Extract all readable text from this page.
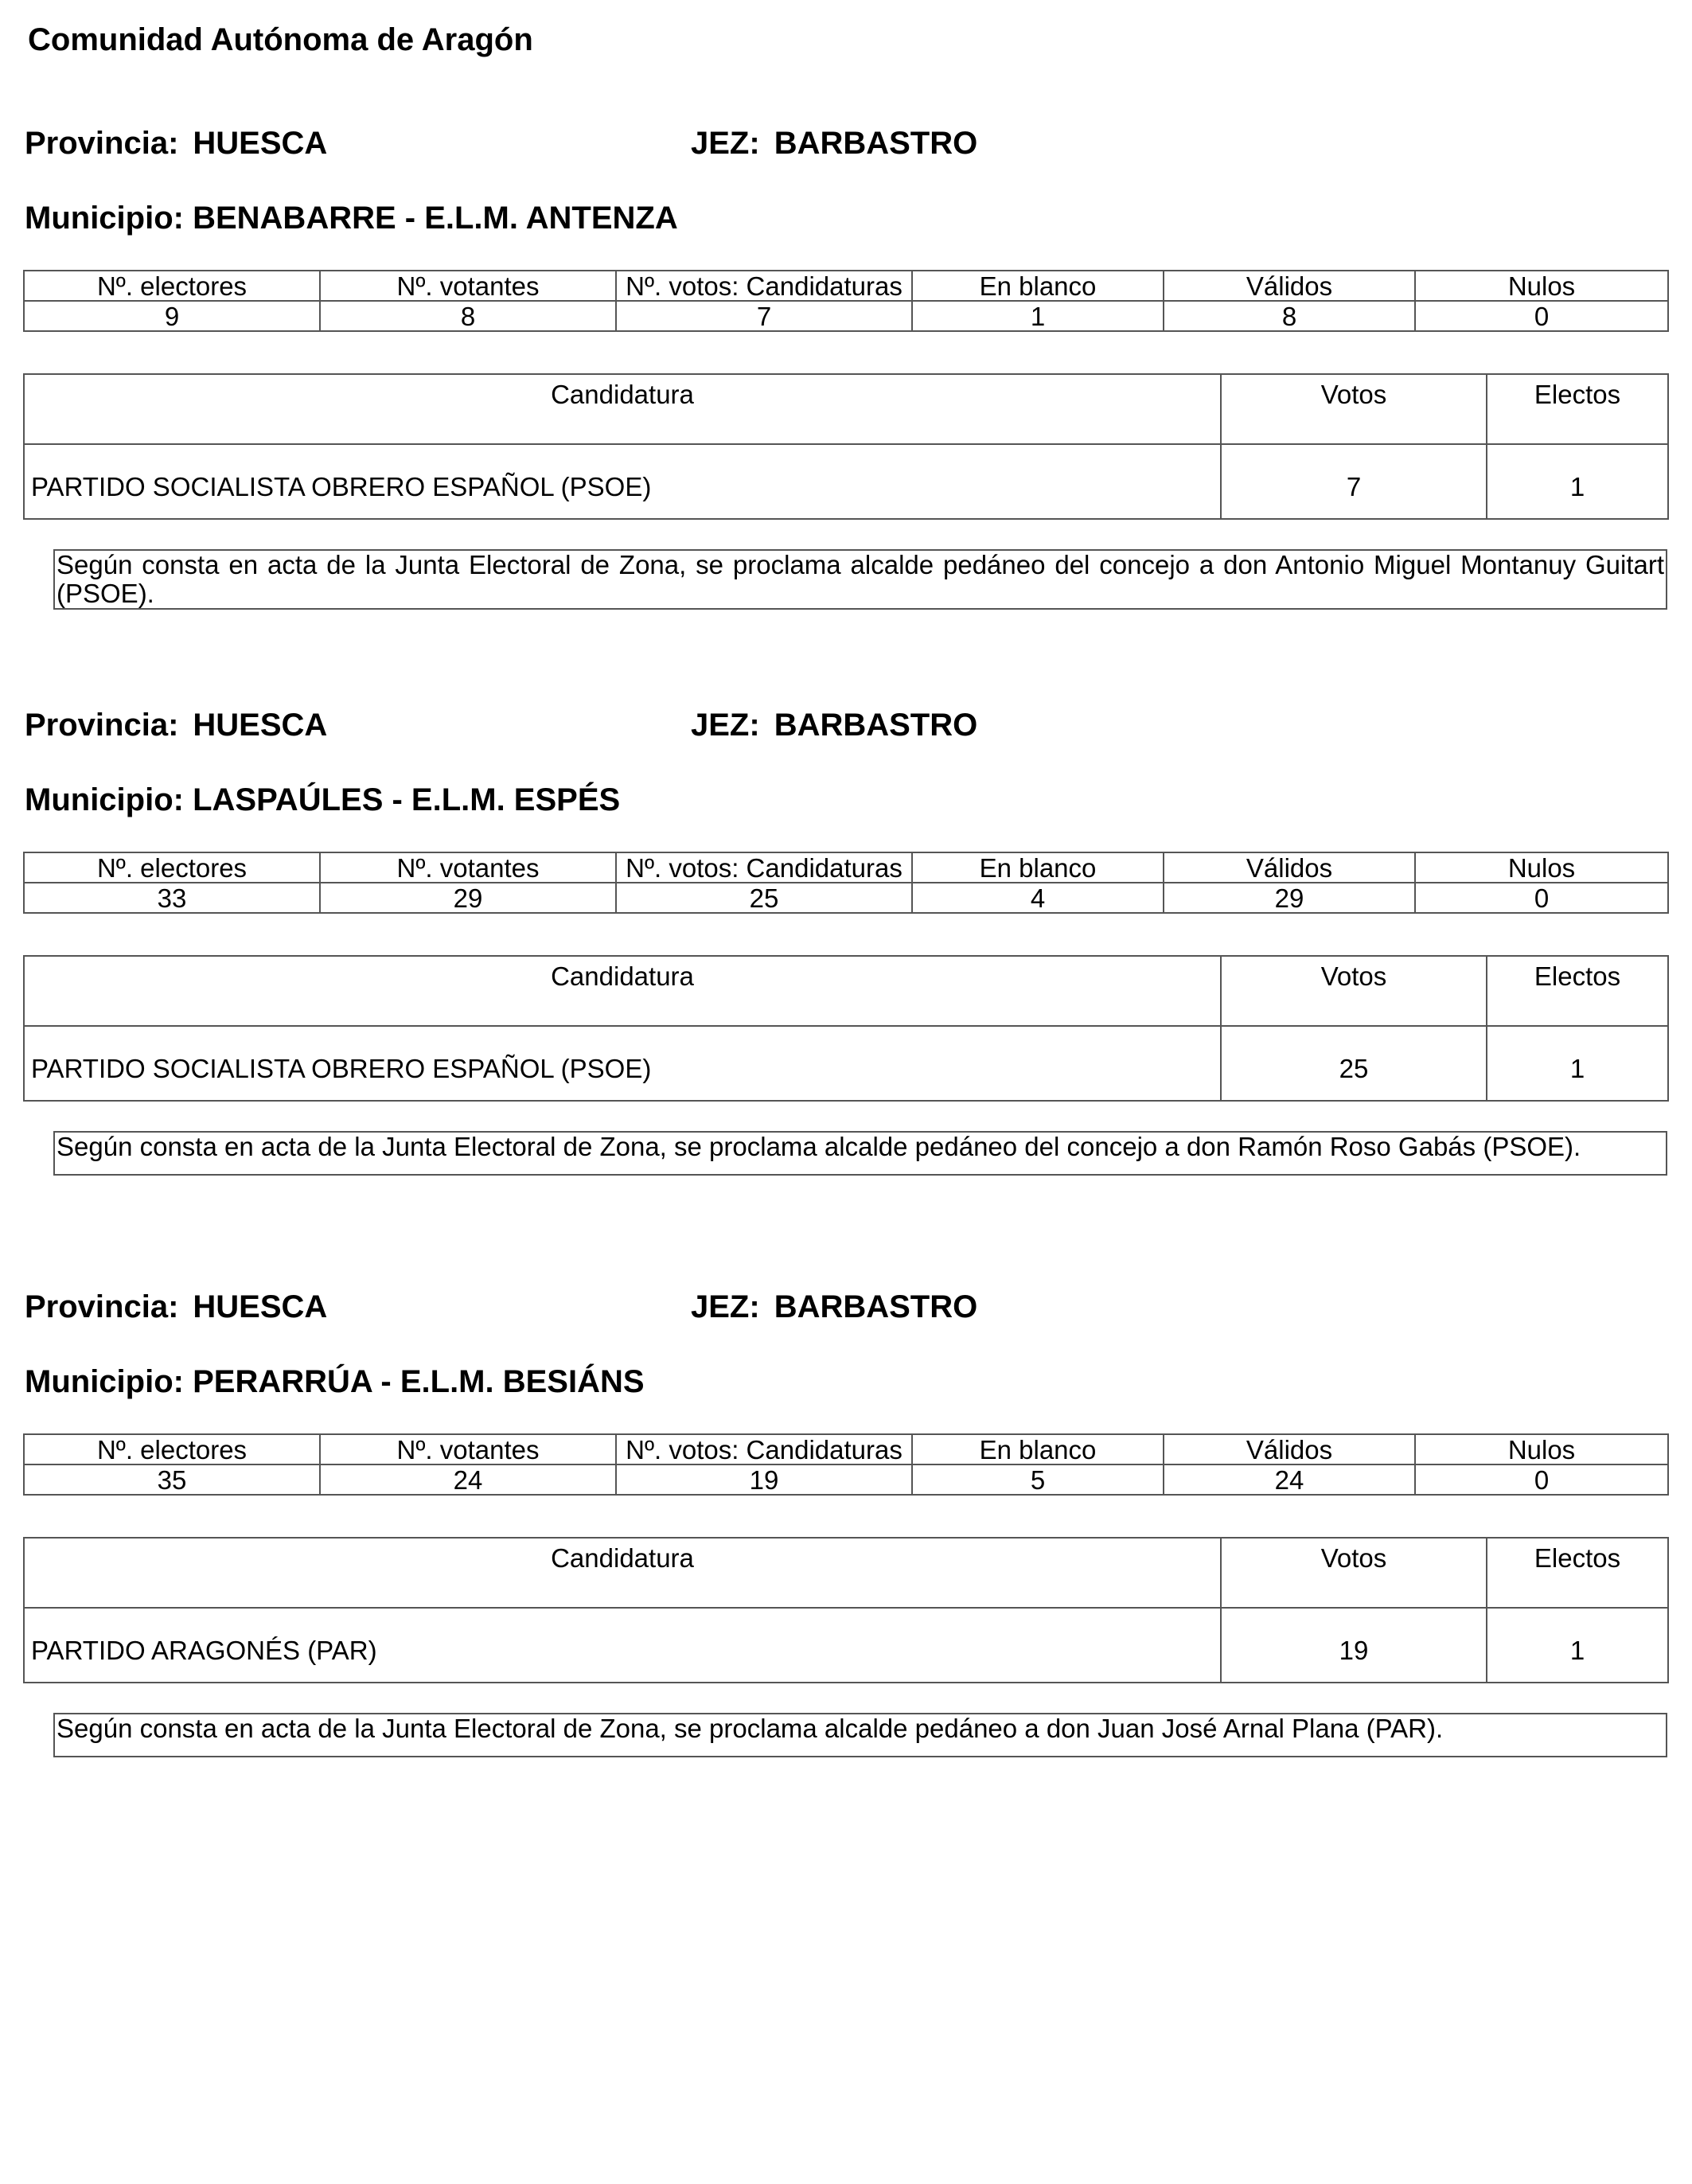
Comunidad Autónoma de Aragón
Provincia: HUESCA	JEZ: BARBASTRO
Municipio: BENABARRE - E.L.M. ANTENZA
Nº. electores	Nº. votantes	Nº. votos: Candidaturas	En blanco	Válidos	Nulos
9	8	7	1	8	0
Candidatura	Votos	Electos
PARTIDO SOCIALISTA OBRERO ESPAÑOL (PSOE)	7	1
Según consta en acta de la Junta Electoral de Zona, se proclama alcalde pedáneo del concejo a don Antonio Miguel Montanuy Guitart
(PSOE).
Provincia: HUESCA	JEZ: BARBASTRO
Municipio: LASPAÚLES - E.L.M. ESPÉS
Nº. electores	Nº. votantes	Nº. votos: Candidaturas	En blanco	Válidos	Nulos
33	29	25	4	29	0
Candidatura	Votos	Electos
PARTIDO SOCIALISTA OBRERO ESPAÑOL (PSOE)	25	1
Según consta en acta de la Junta Electoral de Zona, se proclama alcalde pedáneo del concejo a don Ramón Roso Gabás (PSOE).
Provincia: HUESCA	JEZ: BARBASTRO
Municipio: PERARRÚA - E.L.M. BESIÁNS
Nº. electores	Nº. votantes	Nº. votos: Candidaturas	En blanco	Válidos	Nulos
35	24	19	5	24	0
Candidatura	Votos	Electos
PARTIDO ARAGONÉS (PAR)	19	1
Según consta en acta de la Junta Electoral de Zona, se proclama alcalde pedáneo a don Juan José Arnal Plana (PAR).
